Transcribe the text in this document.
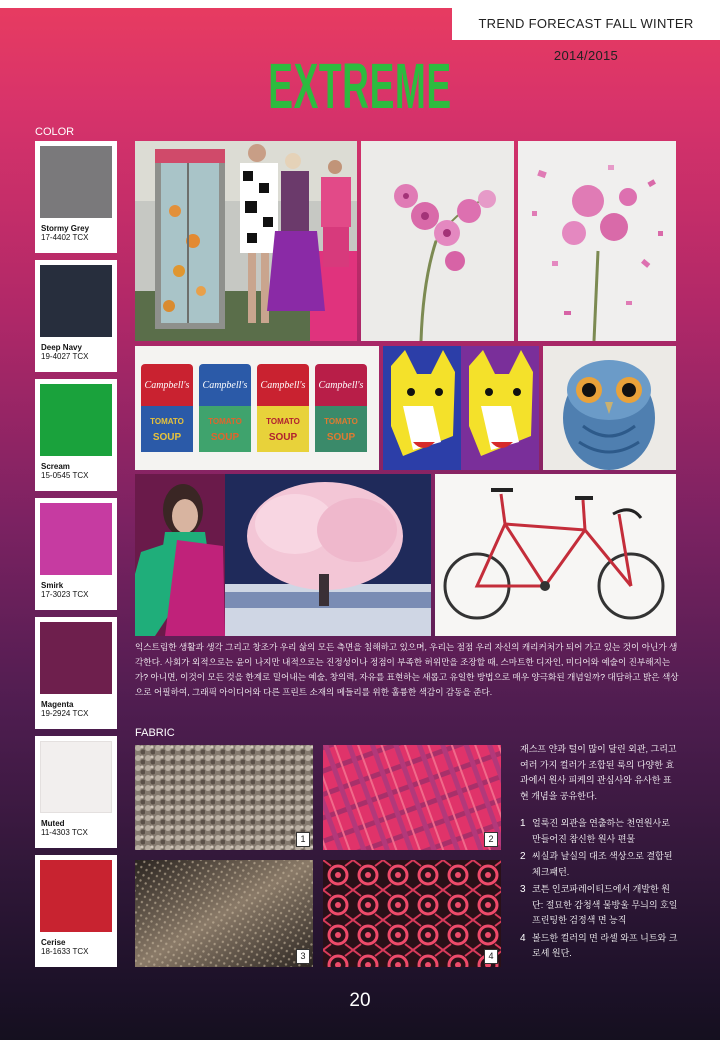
TREND FORECAST FALL WINTER 2014/2015
EXTREME
COLOR
Stormy Grey
17-4402 TCX
Deep Navy
19-4027 TCX
Scream
15-0545 TCX
Smirk
17-3023 TCX
Magenta
19-2924 TCX
Muted
11-4303 TCX
Cerise
18-1633 TCX
Campbell's
TOMATO
SOUP
Campbell's
TOMATO
SOUP
Campbell's
TOMATO
SOUP
Campbell's
TOMATO
SOUP

익스트림한 생활과 생각 그리고 창조가 우리 삶의 모든 측면을 침해하고 있으며, 우리는 점점 우리 자신의 캐리커처가 되어 가고 있는 것이 아닌가 생각한다. 사회가 외적으로는 윤이 나지만 내적으로는 진정성이나 정점이 부족한 허위만을 조장할 때, 스마트한 디자인, 미디어와 예술이 진부해지는가? 아니면, 이것이 모든 것을 한계로 밀어내는 예술, 창의력, 자유를 표현하는 새롭고 유일한 방법으로 매우 양극화된 개념일까? 대담하고 밝은 색상으로 어필하여, 그래픽 아이디어와 다른 프린트 소재의 메들리를 위한 훌륭한 색감이 감동을 준다.

FABRIC
1	2
3	4

재스프 얀과 털이 많이 달린 외관, 그리고 여러 가지 컬러가 조합된 룩의 다양한 효과에서 원사 피케의 관심사와 유사한 표현 개념을 공유한다.

1 얼룩진 외관을 연출하는 천연원사로 만들어진 참신한 원사 편물
2 씨실과 날실의 대조 색상으로 결합된 체크패턴.
3 코튼 인코파레이티드에서 개발한 원단: 절묘한 감청색 물방울 무늬의 호일 프린팅한 검정색 면 능직
4 볼드한 컬러의 면 라셀 와프 니트와 크로셰 원단.
20
